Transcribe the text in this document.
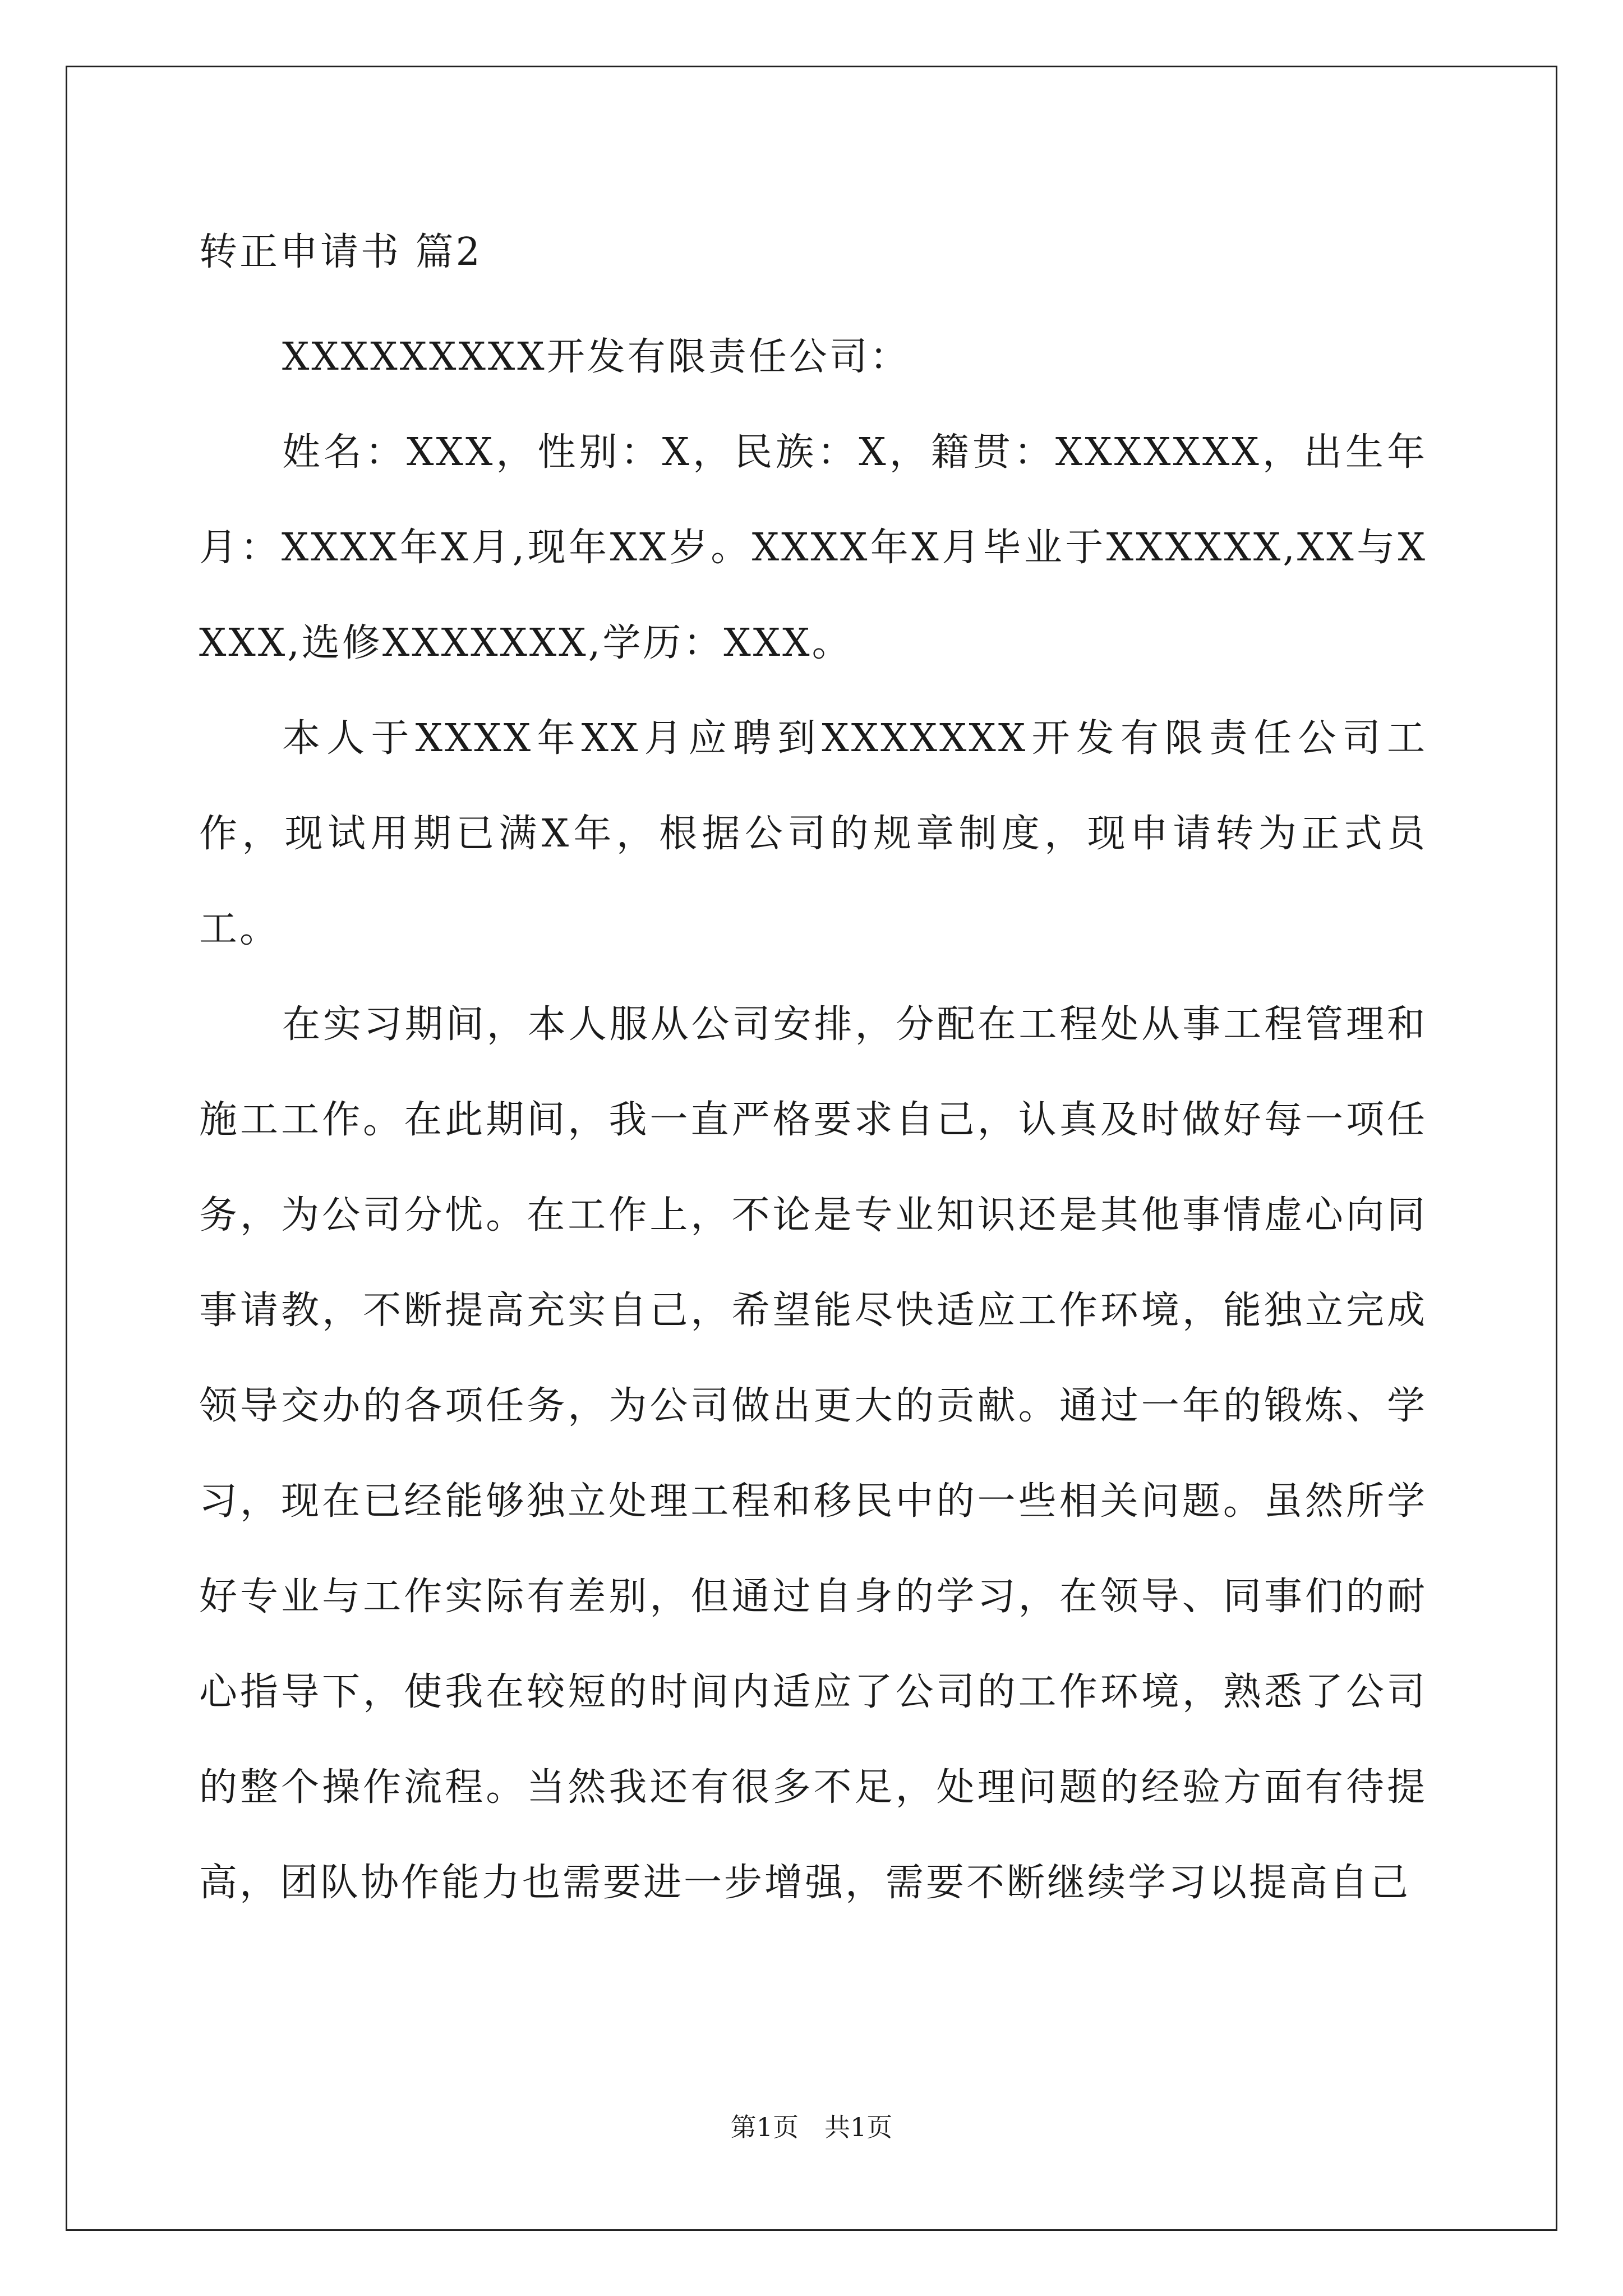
转正申请书 篇2

XXXXXXXXX开发有限责任公司：

姓名：XXX，性别：X，民族：X，籍贯：XXXXXXX，出生年月：XXXX年X月,现年XX岁。XXXX年X月毕业于XXXXXX,XX与XXXX,选修XXXXXXX,学历：XXX。

本人于XXXX年XX月应聘到XXXXXXX开发有限责任公司工作，现试用期已满X年，根据公司的规章制度，现申请转为正式员工。

在实习期间，本人服从公司安排，分配在工程处从事工程管理和施工工作。在此期间，我一直严格要求自己，认真及时做好每一项任务，为公司分忧。在工作上，不论是专业知识还是其他事情虚心向同事请教，不断提高充实自己，希望能尽快适应工作环境，能独立完成领导交办的各项任务，为公司做出更大的贡献。通过一年的锻炼、学习，现在已经能够独立处理工程和移民中的一些相关问题。虽然所学好专业与工作实际有差别，但通过自身的学习，在领导、同事们的耐心指导下，使我在较短的时间内适应了公司的工作环境，熟悉了公司的整个操作流程。当然我还有很多不足，处理问题的经验方面有待提高，团队协作能力也需要进一步增强，需要不断继续学习以提高自己

第1页　共1页
